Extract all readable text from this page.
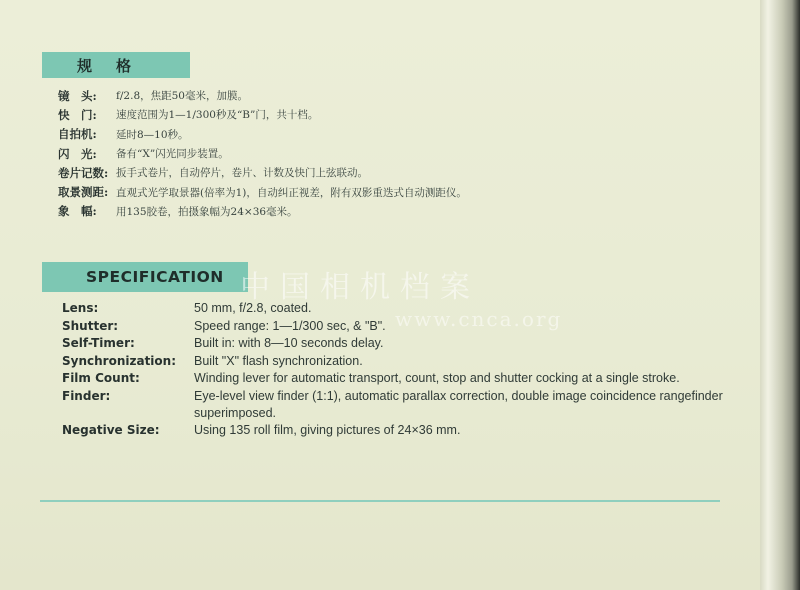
规格
镜　头:	f/2.8，焦距50毫米，加膜。
快　门:	速度范围为1—1/300秒及“B”门，共十档。
自拍机:	延时8—10秒。
闪　光:	备有“X”闪光同步装置。
卷片记数: 扳手式卷片，自动停片，卷片、计数及快门上弦联动。
取景测距: 直观式光学取景器(倍率为1)，自动纠正视差，附有双影重迭式自动测距仪。
象　幅:	用135胶卷，拍摄象幅为24×36毫米。
SPECIFICATION 中国相机档案
www.cnca.org
Lens:	50 mm, f/2.8, coated.
Shutter:	Speed range: 1—1/300 sec, & "B".
Self-Timer:	Built in: with 8—10 seconds delay.
Synchronization:	Built "X" flash synchronization.
Film Count:	Winding lever for automatic transport, count, stop and shutter cocking at a single stroke.
Finder:	Eye-level view finder (1:1), automatic parallax correction, double image coincidence rangefinder superimposed.
Negative Size:	Using 135 roll film, giving pictures of 24×36 mm.
